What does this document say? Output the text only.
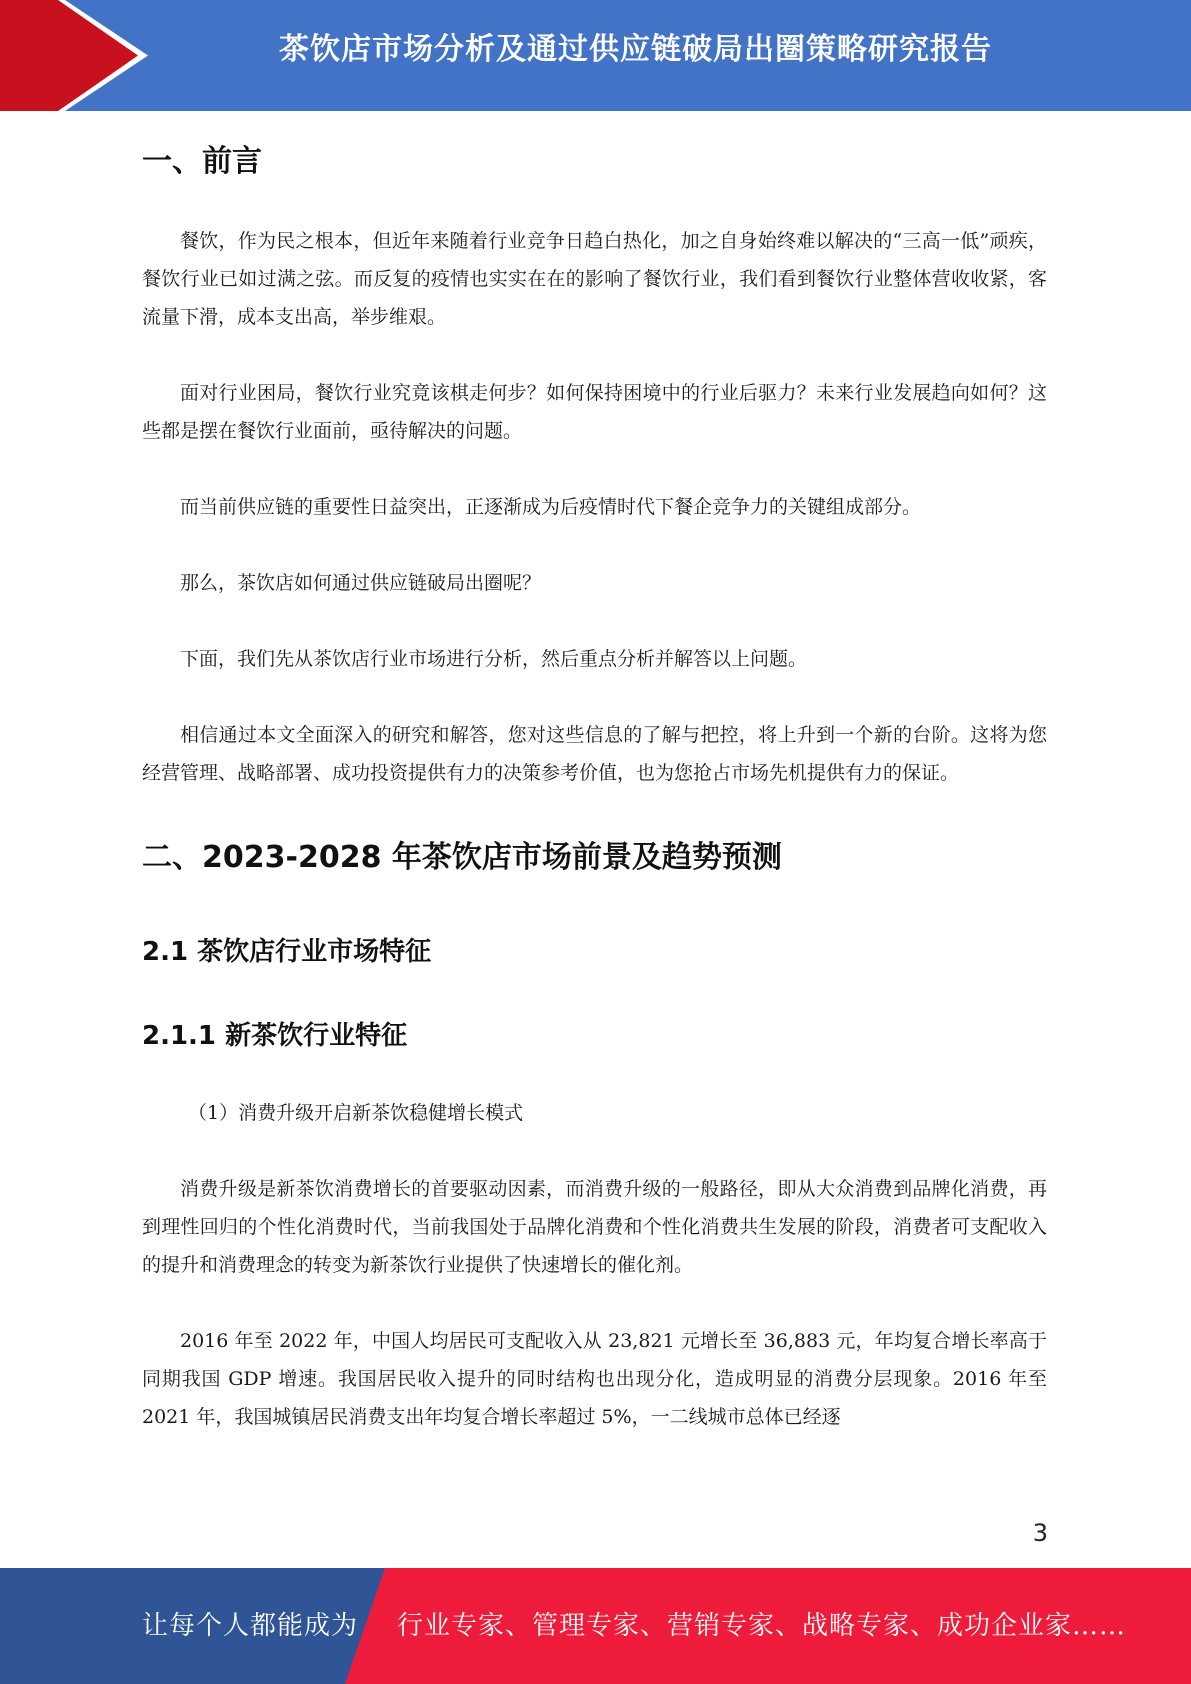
茶饮店市场分析及通过供应链破局出圈策略研究报告
一、前言

餐饮，作为民之根本，但近年来随着行业竞争日趋白热化，加之自身始终难以解决的“三高一低”顽疾，餐饮行业已如过满之弦。而反复的疫情也实实在在的影响了餐饮行业，我们看到餐饮行业整体营收收紧，客流量下滑，成本支出高，举步维艰。

面对行业困局，餐饮行业究竟该棋走何步？如何保持困境中的行业后驱力？未来行业发展趋向如何？这些都是摆在餐饮行业面前，亟待解决的问题。

而当前供应链的重要性日益突出，正逐渐成为后疫情时代下餐企竞争力的关键组成部分。

那么，茶饮店如何通过供应链破局出圈呢？

下面，我们先从茶饮店行业市场进行分析，然后重点分析并解答以上问题。

相信通过本文全面深入的研究和解答，您对这些信息的了解与把控，将上升到一个新的台阶。这将为您经营管理、战略部署、成功投资提供有力的决策参考价值，也为您抢占市场先机提供有力的保证。

二、2023-2028 年茶饮店市场前景及趋势预测
2.1 茶饮店行业市场特征
2.1.1 新茶饮行业特征

（1）消费升级开启新茶饮稳健增长模式

消费升级是新茶饮消费增长的首要驱动因素，而消费升级的一般路径，即从大众消费到品牌化消费，再到理性回归的个性化消费时代，当前我国处于品牌化消费和个性化消费共生发展的阶段，消费者可支配收入的提升和消费理念的转变为新茶饮行业提供了快速增长的催化剂。

2016 年至 2022 年，中国人均居民可支配收入从 23,821 元增长至 36,883 元，年均复合增长率高于同期我国 GDP 增速。我国居民收入提升的同时结构也出现分化，造成明显的消费分层现象。2016 年至 2021 年，我国城镇居民消费支出年均复合增长率超过 5%，一二线城市总体已经逐

3
让每个人都能成为 行业专家、管理专家、营销专家、战略专家、成功企业家……
